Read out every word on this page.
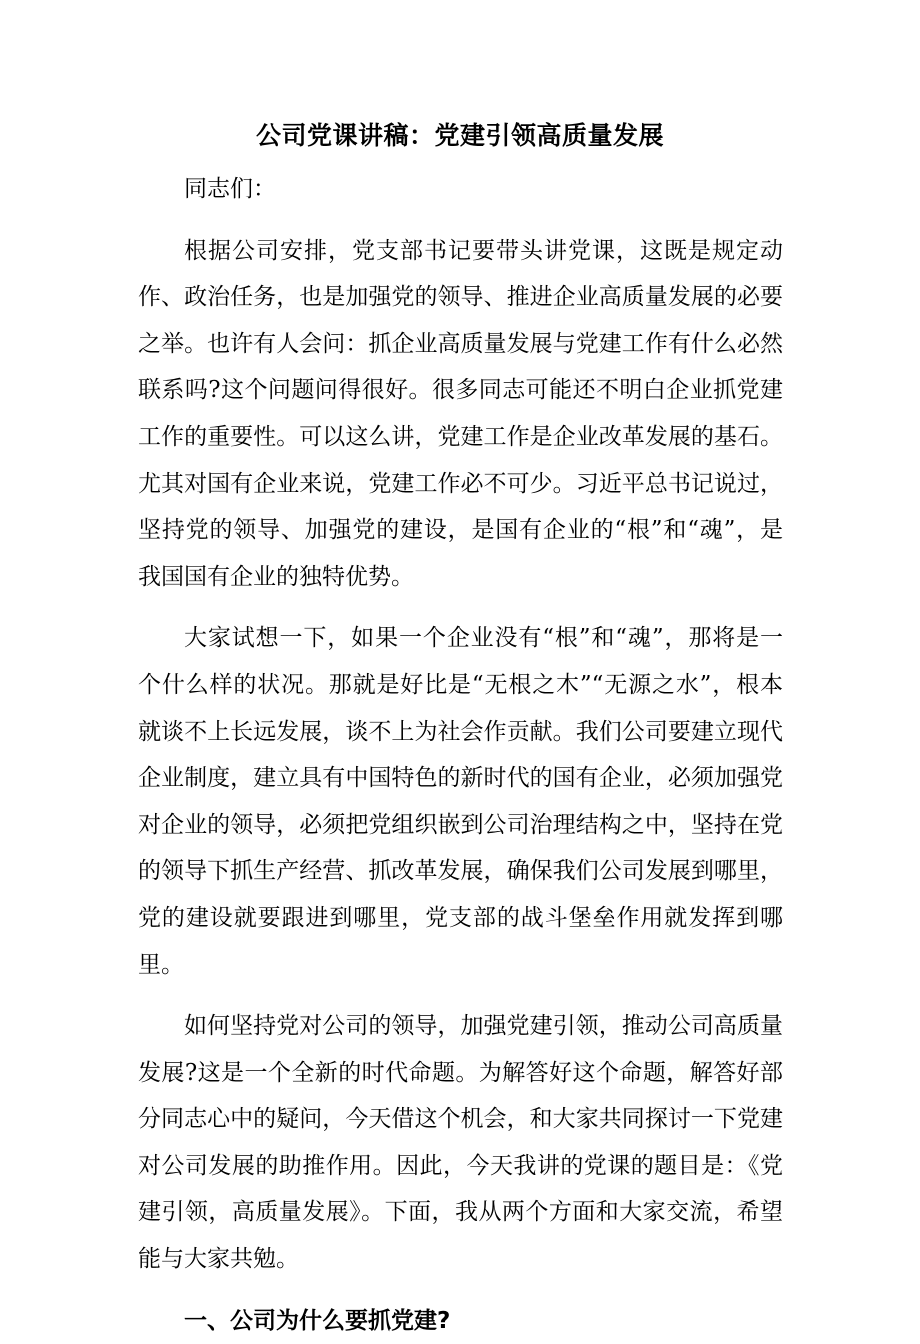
公司党课讲稿：党建引领高质量发展

同志们：

根据公司安排，党支部书记要带头讲党课，这既是规定动作、政治任务，也是加强党的领导、推进企业高质量发展的必要之举。也许有人会问：抓企业高质量发展与党建工作有什么必然联系吗?这个问题问得很好。很多同志可能还不明白企业抓党建工作的重要性。可以这么讲，党建工作是企业改革发展的基石。尤其对国有企业来说，党建工作必不可少。习近平总书记说过，坚持党的领导、加强党的建设，是国有企业的“根”和“魂”，是我国国有企业的独特优势。

大家试想一下，如果一个企业没有“根”和“魂”，那将是一个什么样的状况。那就是好比是“无根之木”“无源之水”，根本就谈不上长远发展，谈不上为社会作贡献。我们公司要建立现代企业制度，建立具有中国特色的新时代的国有企业，必须加强党对企业的领导，必须把党组织嵌到公司治理结构之中，坚持在党的领导下抓生产经营、抓改革发展，确保我们公司发展到哪里，党的建设就要跟进到哪里，党支部的战斗堡垒作用就发挥到哪里。

如何坚持党对公司的领导，加强党建引领，推动公司高质量发展?这是一个全新的时代命题。为解答好这个命题，解答好部分同志心中的疑问，今天借这个机会，和大家共同探讨一下党建对公司发展的助推作用。因此，今天我讲的党课的题目是：《党建引领，高质量发展》。下面，我从两个方面和大家交流，希望能与大家共勉。

一、公司为什么要抓党建?
